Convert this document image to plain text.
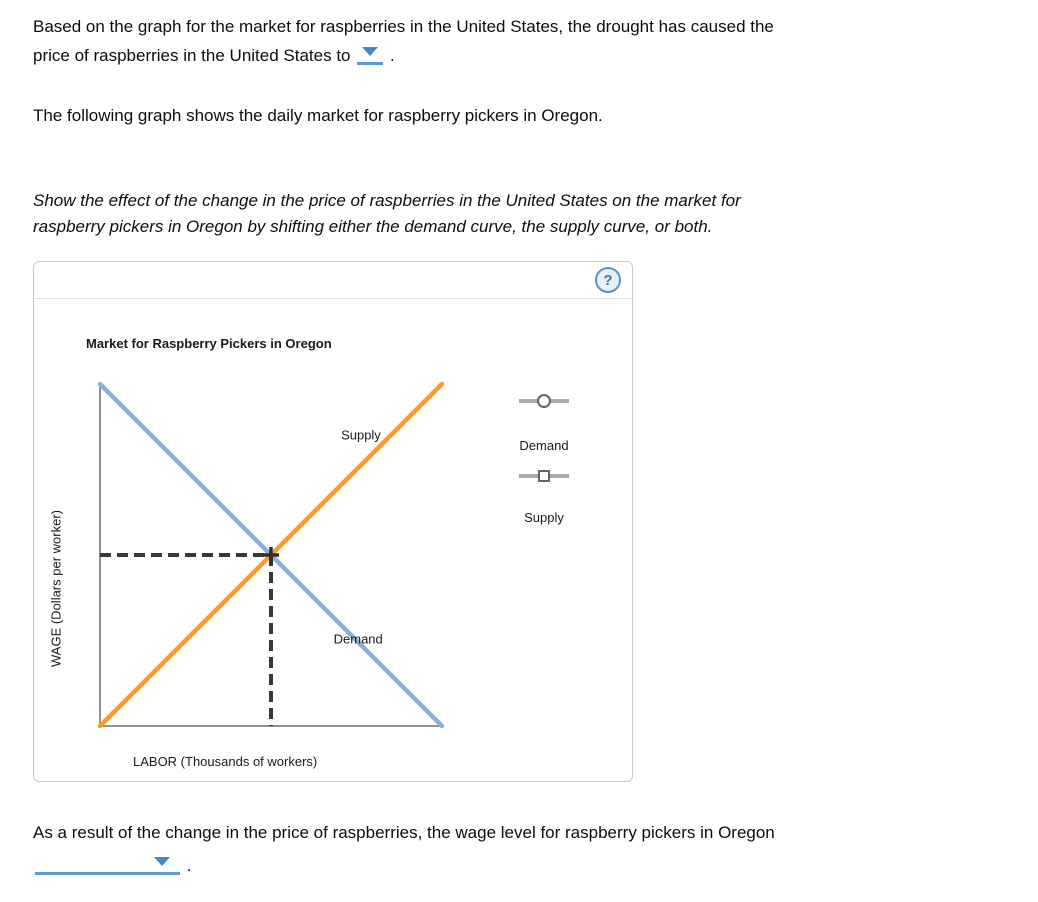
Based on the graph for the market for raspberries in the United States, the drought has caused the
price of raspberries in the United States to .
The following graph shows the daily market for raspberry pickers in Oregon.
Show the effect of the change in the price of raspberries in the United States on the market for
raspberry pickers in Oregon by shifting either the demand curve, the supply curve, or both.
?
Market for Raspberry Pickers in Oregon
WAGE (Dollars per worker)
LABOR (Thousands of workers)
Demand
Supply
Demand
Supply
As a result of the change in the price of raspberries, the wage level for raspberry pickers in Oregon

.
